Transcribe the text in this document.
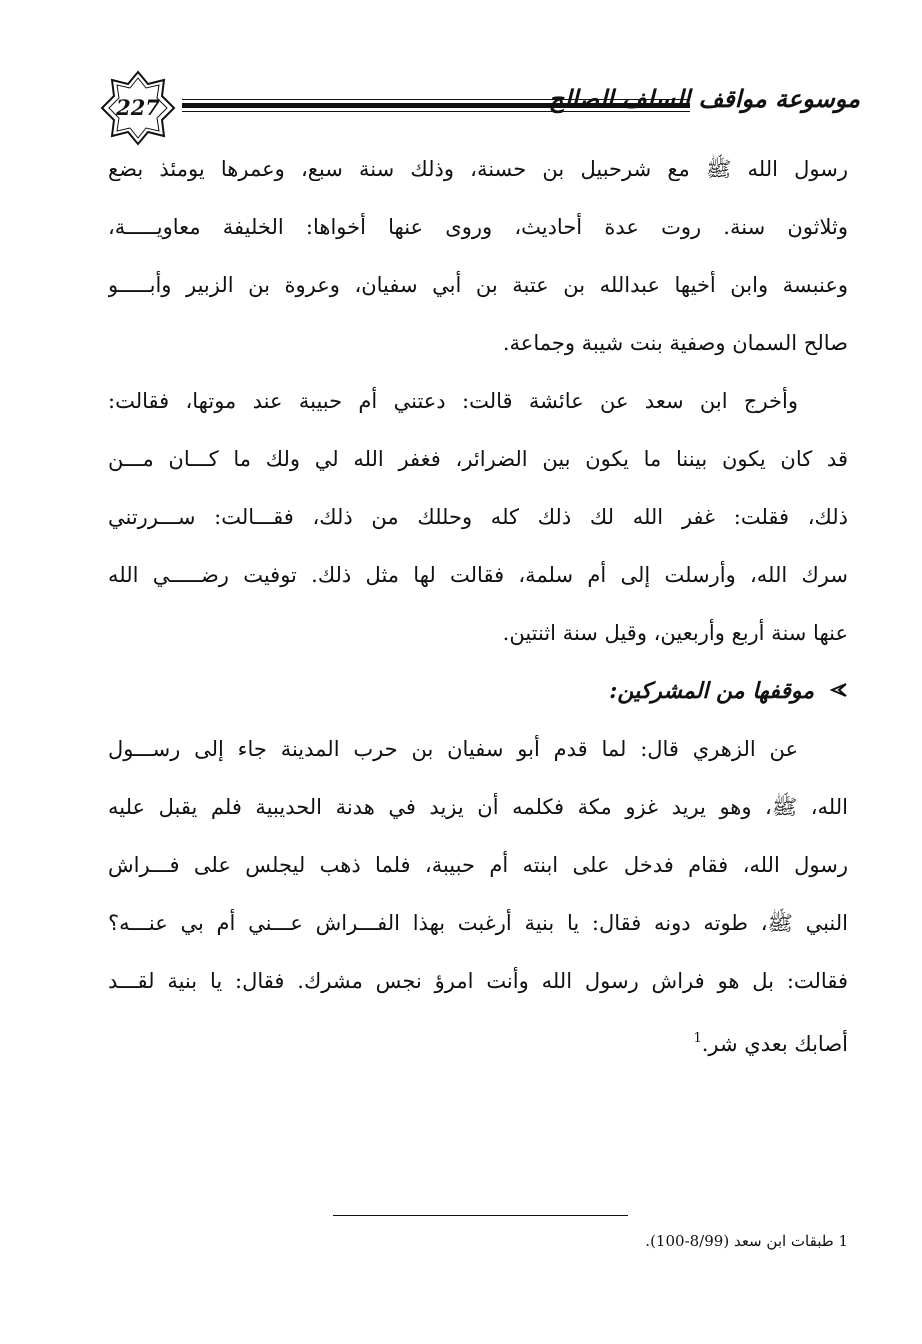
227	موسوعة مواقف السلف الصالح
رسول الله ﷺ مع شرحبيل بن حسنة، وذلك سنة سبع، وعمرها يومئذ بضع
وثلاثون سنة. روت عدة أحاديث، وروى عنها أخواها: الخليفة معاويـــــة،
وعنبسة وابن أخيها عبدالله بن عتبة بن أبي سفيان، وعروة بن الزبير وأبـــــو
صالح السمان وصفية بنت شيبة وجماعة.
وأخرج ابن سعد عن عائشة قالت: دعتني أم حبيبة عند موتها، فقالت:
قد كان يكون بيننا ما يكون بين الضرائر، فغفر الله لي ولك ما كـــان مـــن
ذلك، فقلت: غفر الله لك ذلك كله وحللك من ذلك، فقـــالت: ســـررتني
سرك الله، وأرسلت إلى أم سلمة، فقالت لها مثل ذلك. توفيت رضـــــي الله
عنها سنة أربع وأربعين، وقيل سنة اثنتين.
موقفها من المشركين:
عن الزهري قال: لما قدم أبو سفيان بن حرب المدينة جاء إلى رســـول
الله، ﷺ، وهو يريد غزو مكة فكلمه أن يزيد في هدنة الحديبية فلم يقبل عليه
رسول الله، فقام فدخل على ابنته أم حبيبة، فلما ذهب ليجلس على فـــراش
النبي ﷺ، طوته دونه فقال: يا بنية أرغبت بهذا الفـــراش عـــني أم بي عنـــه؟
فقالت: بل هو فراش رسول الله وأنت امرؤ نجس مشرك. فقال: يا بنية لقـــد
أصابك بعدي شر.$^1$
1 طبقات ابن سعد (8/99-100).
